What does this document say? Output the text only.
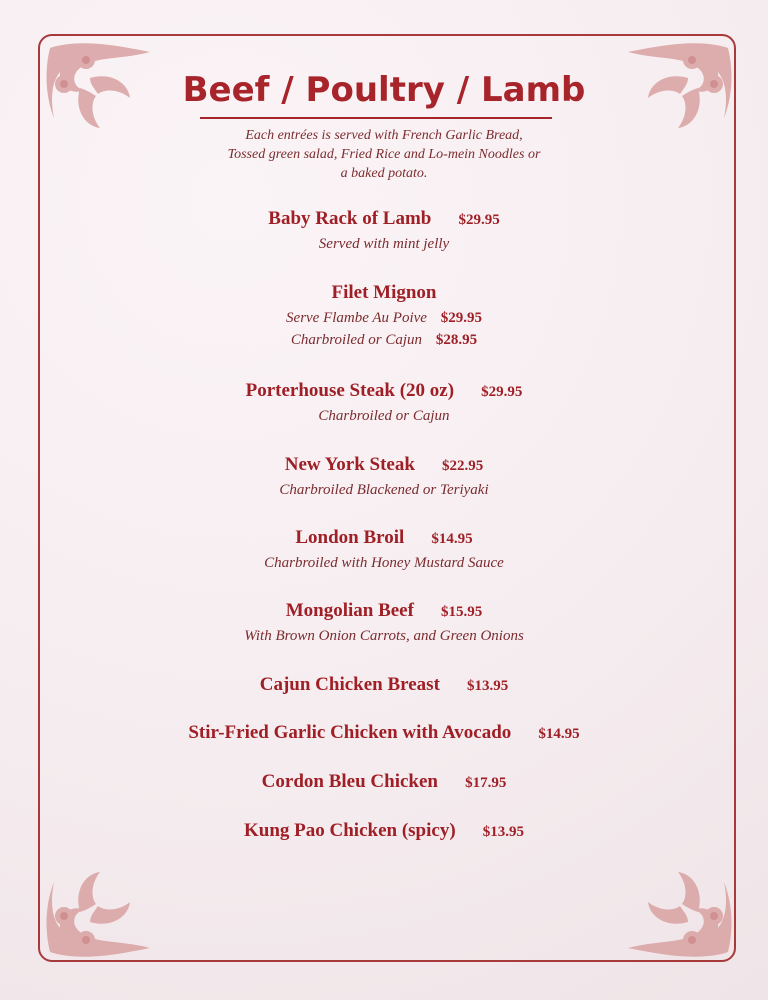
Beef / Poultry / Lamb
Each entrées is served with French Garlic Bread,
Tossed green salad, Fried Rice and Lo-mein Noodles or
a baked potato.
Baby Rack of Lamb $29.95
Served with mint jelly
Filet Mignon
Serve Flambe Au Poive $29.95
Charbroiled or Cajun $28.95
Porterhouse Steak (20 oz) $29.95
Charbroiled or Cajun
New York Steak $22.95
Charbroiled Blackened or Teriyaki
London Broil $14.95
Charbroiled with Honey Mustard Sauce
Mongolian Beef $15.95
With Brown Onion Carrots, and Green Onions
Cajun Chicken Breast $13.95
Stir-Fried Garlic Chicken with Avocado $14.95
Cordon Bleu Chicken $17.95
Kung Pao Chicken (spicy) $13.95
